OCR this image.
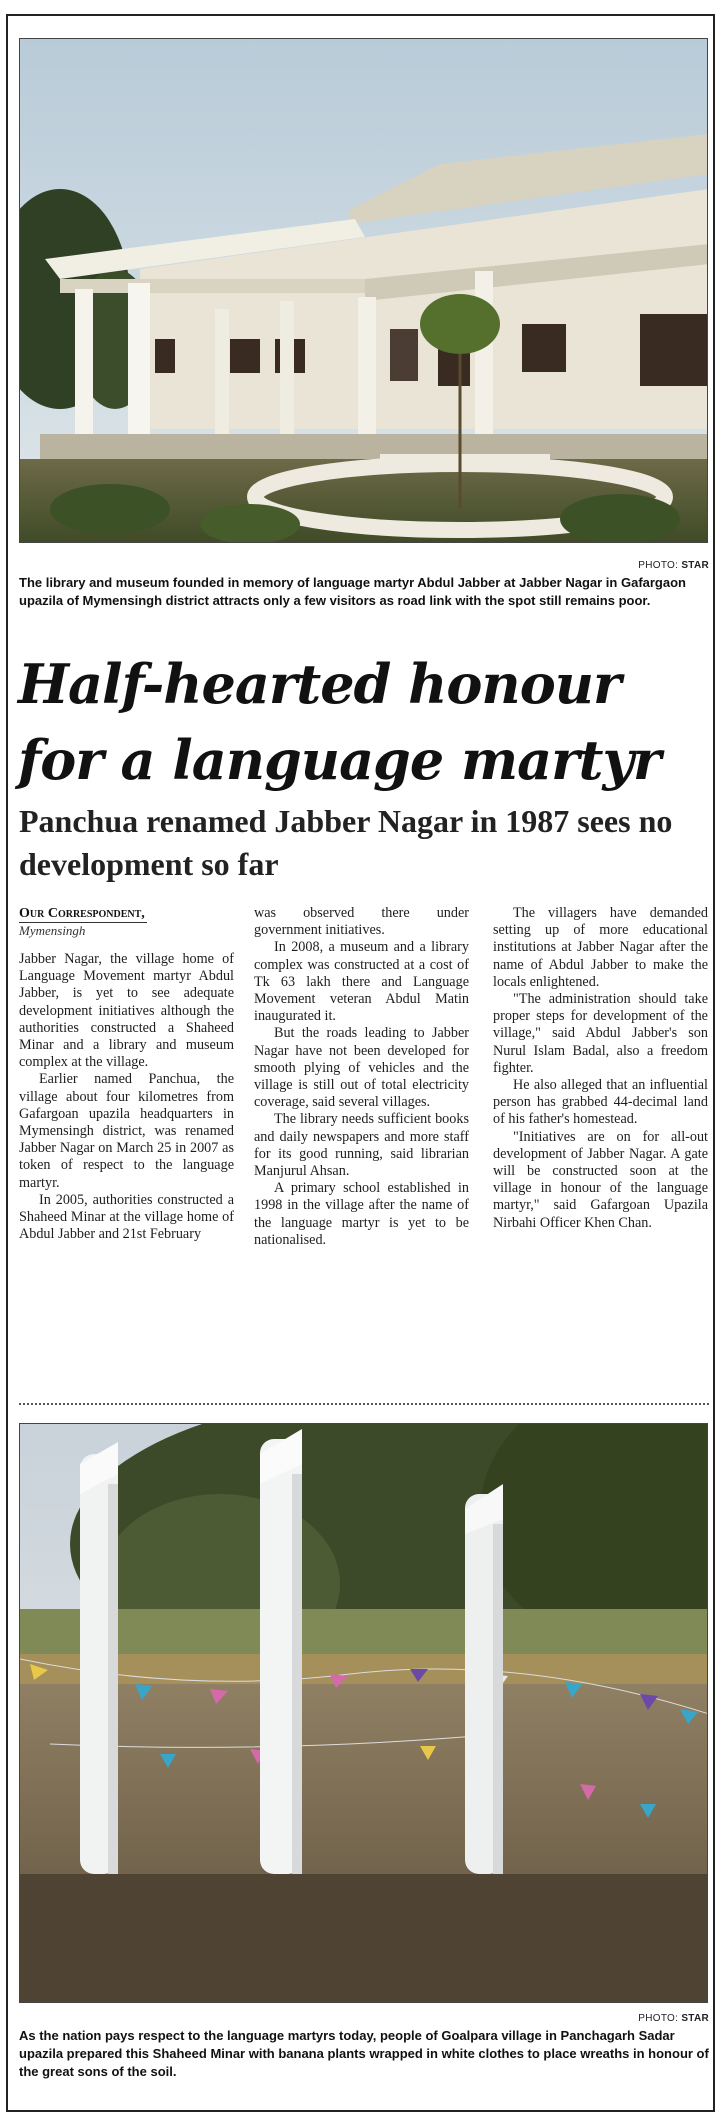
PHOTO: STAR
The library and museum founded in memory of language martyr Abdul Jabber at Jabber Nagar in Gafargaon upazila of Mymensingh district attracts only a few visitors as road link with the spot still remains poor.
Half-hearted honour for a language martyr
Panchua renamed Jabber Nagar in 1987 sees no development so far
Our Correspondent,
Mymensingh

Jabber Nagar, the village home of Language Movement martyr Abdul Jabber, is yet to see adequate development initiatives although the authorities constructed a Shaheed Minar and a library and museum complex at the village.

Earlier named Panchua, the village about four kilometres from Gafargoan upazila headquarters in Mymensingh district, was renamed Jabber Nagar on March 25 in 2007 as token of respect to the language martyr.

In 2005, authorities constructed a Shaheed Minar at the village home of Abdul Jabber and 21st February

was observed there under government initiatives.

In 2008, a museum and a library complex was constructed at a cost of Tk 63 lakh there and Language Movement veteran Abdul Matin inaugurated it.

But the roads leading to Jabber Nagar have not been developed for smooth plying of vehicles and the village is still out of total electricity coverage, said several villages.

The library needs sufficient books and daily newspapers and more staff for its good running, said librarian Manjurul Ahsan.

A primary school established in 1998 in the village after the name of the language martyr is yet to be nationalised.

The villagers have demanded setting up of more educational institutions at Jabber Nagar after the name of Abdul Jabber to make the locals enlightened.

"The administration should take proper steps for development of the village," said Abdul Jabber's son Nurul Islam Badal, also a freedom fighter.

He also alleged that an influential person has grabbed 44-decimal land of his father's homestead.

"Initiatives are on for all-out development of Jabber Nagar. A gate will be constructed soon at the village in honour of the language martyr," said Gafargoan Upazila Nirbahi Officer Khen Chan.

PHOTO: STAR
As the nation pays respect to the language martyrs today, people of Goalpara village in Panchagarh Sadar upazila prepared this Shaheed Minar with banana plants wrapped in white clothes to place wreaths in honour of the great sons of the soil.
